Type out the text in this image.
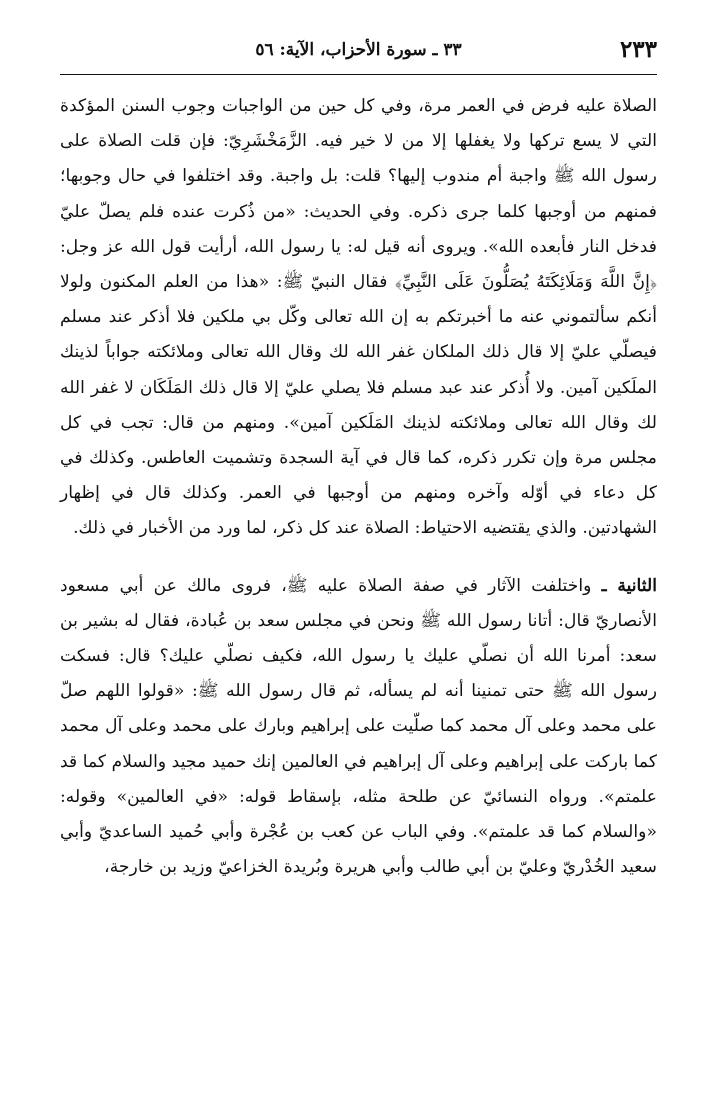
٢٣٣
٣٣ ـ سورة الأحزاب، الآية: ٥٦

الصلاة عليه فرض في العمر مرة، وفي كل حين من الواجبات وجوب السنن المؤكدة التي لا يسع تركها ولا يغفلها إلا من لا خير فيه. الزَّمَخْشَرِيّ: فإن قلت الصلاة على رسول الله ﷺ واجبة أم مندوب إليها؟ قلت: بل واجبة. وقد اختلفوا في حال وجوبها؛ فمنهم من أوجبها كلما جرى ذكره. وفي الحديث: «من ذُكرت عنده فلم يصلّ عليّ فدخل النار فأبعده الله». ويروى أنه قيل له: يا رسول الله، أرأيت قول الله عز وجل: ﴿إِنَّ اللَّهَ وَمَلَائِكَتَهُ يُصَلُّونَ عَلَى النَّبِيِّ﴾ فقال النبيّ ﷺ: «هذا من العلم المكنون ولولا أنكم سألتموني عنه ما أخبرتكم به إن الله تعالى وكّل بي ملكين فلا أذكر عند مسلم فيصلّي عليّ إلا قال ذلك الملكان غفر الله لك وقال الله تعالى وملائكته جواباً لذينك الملَكين آمين. ولا أُذكر عند عبد مسلم فلا يصلي عليّ إلا قال ذلك المَلَكَان لا غفر الله لك وقال الله تعالى وملائكته لذينك المَلَكين آمين». ومنهم من قال: تجب في كل مجلس مرة وإن تكرر ذكره، كما قال في آية السجدة وتشميت العاطس. وكذلك في كل دعاء في أوّله وآخره ومنهم من أوجبها في العمر. وكذلك قال في إظهار الشهادتين. والذي يقتضيه الاحتياط: الصلاة عند كل ذكر، لما ورد من الأخبار في ذلك.

الثانية ـ واختلفت الآثار في صفة الصلاة عليه ﷺ، فروى مالك عن أبي مسعود الأنصاريّ قال: أتانا رسول الله ﷺ ونحن في مجلس سعد بن عُبادة، فقال له بشير بن سعد: أمرنا الله أن نصلّي عليك يا رسول الله، فكيف نصلّي عليك؟ قال: فسكت رسول الله ﷺ حتى تمنينا أنه لم يسأله، ثم قال رسول الله ﷺ: «قولوا اللهم صلّ على محمد وعلى آل محمد كما صلّيت على إبراهيم وبارك على محمد وعلى آل محمد كما باركت على إبراهيم وعلى آل إبراهيم في العالمين إنك حميد مجيد والسلام كما قد علمتم». ورواه النسائيّ عن طلحة مثله، بإسقاط قوله: «في العالمين» وقوله: «والسلام كما قد علمتم». وفي الباب عن كعب بن عُجْرة وأبي حُميد الساعديّ وأبي سعيد الخُدْريّ وعليّ بن أبي طالب وأبي هريرة وبُريدة الخزاعيّ وزيد بن خارجة،
